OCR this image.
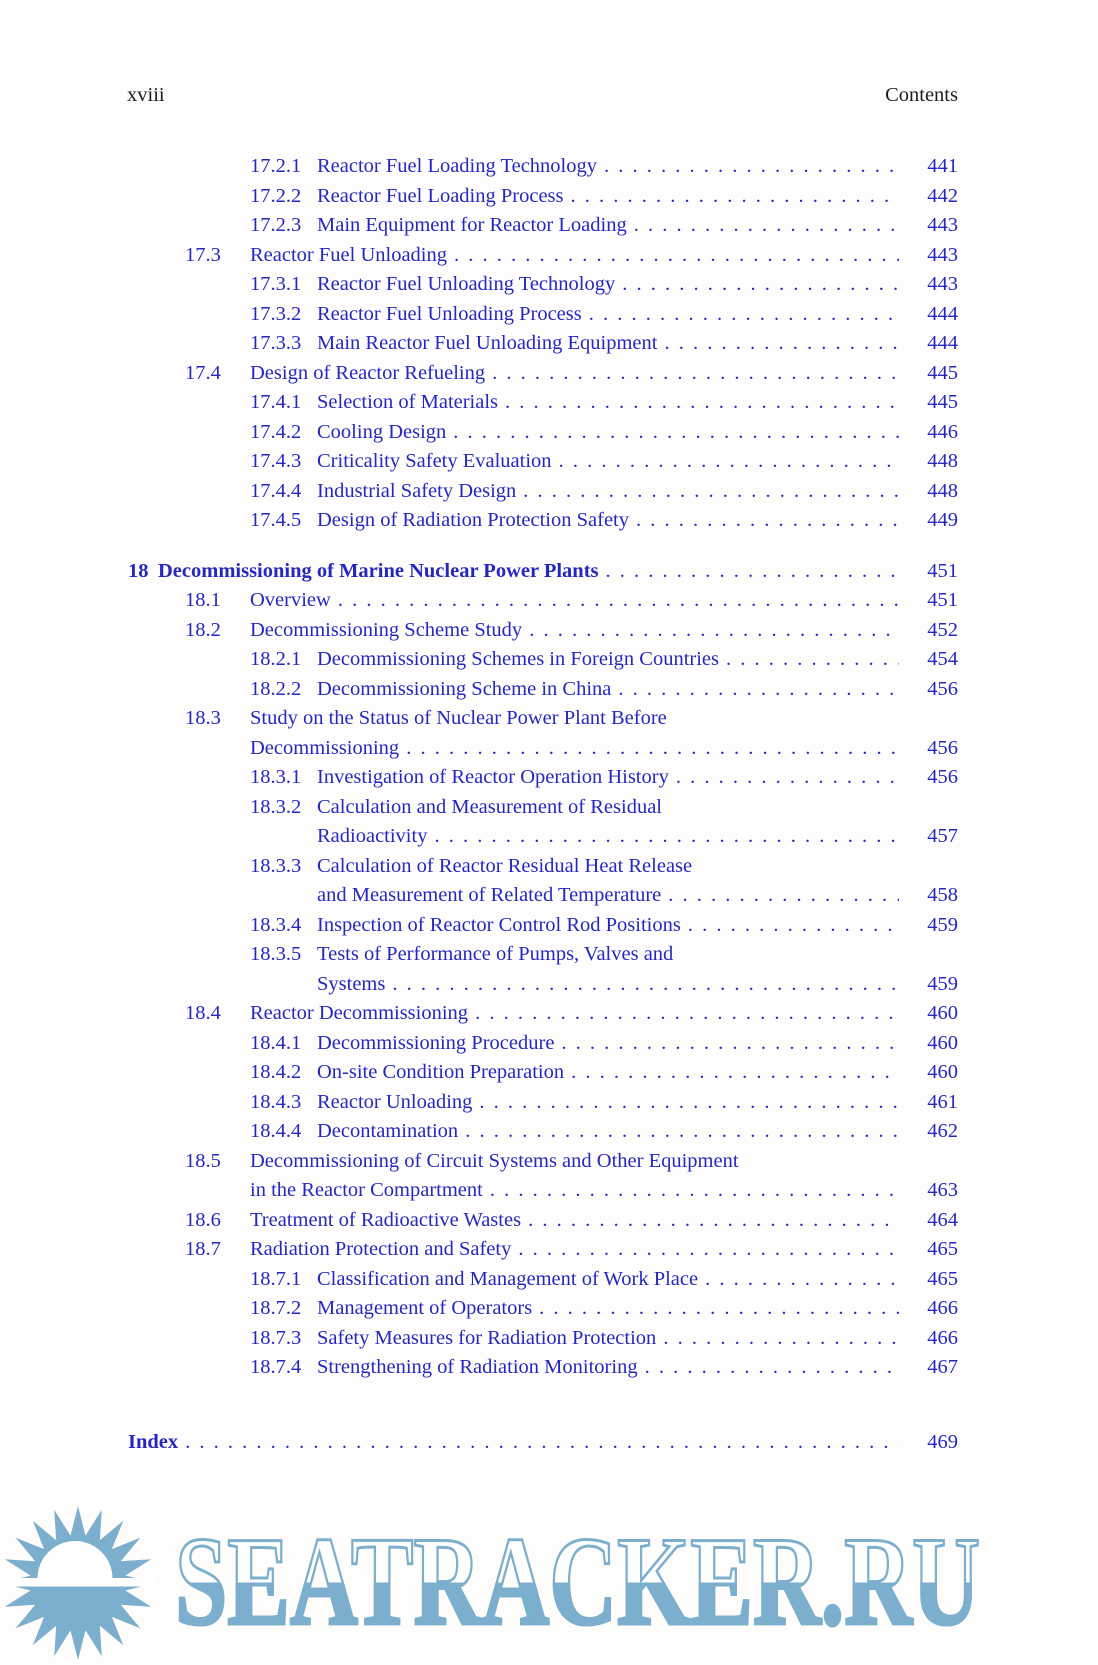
xviii	Contents
17.2.1 Reactor Fuel Loading Technology . . .	441
17.2.2 Reactor Fuel Loading Process . . .	442
17.2.3 Main Equipment for Reactor Loading . . .	443
17.3	Reactor Fuel Unloading . . .	443
17.3.1 Reactor Fuel Unloading Technology . . .	443
17.3.2 Reactor Fuel Unloading Process . . .	444
17.3.3 Main Reactor Fuel Unloading Equipment . . .	444
17.4	Design of Reactor Refueling . . .	445
17.4.1 Selection of Materials . . .	445
17.4.2 Cooling Design . . .	446
17.4.3 Criticality Safety Evaluation . . .	448
17.4.4 Industrial Safety Design . . .	448
17.4.5 Design of Radiation Protection Safety . . .	449
18 Decommissioning of Marine Nuclear Power Plants . . .	451
18.1	Overview . . .	451
18.2	Decommissioning Scheme Study . . .	452
18.2.1 Decommissioning Schemes in Foreign Countries . . .	454
18.2.2 Decommissioning Scheme in China . . .	456
18.3	Study on the Status of Nuclear Power Plant Before
Decommissioning . . .	456
18.3.1 Investigation of Reactor Operation History . . .	456
18.3.2 Calculation and Measurement of Residual
Radioactivity . . .	457
18.3.3 Calculation of Reactor Residual Heat Release
and Measurement of Related Temperature . . .	458
18.3.4 Inspection of Reactor Control Rod Positions . . .	459
18.3.5 Tests of Performance of Pumps, Valves and
Systems . . .	459
18.4	Reactor Decommissioning . . .	460
18.4.1 Decommissioning Procedure . . .	460
18.4.2 On-site Condition Preparation . . .	460
18.4.3 Reactor Unloading . . .	461
18.4.4 Decontamination . . .	462
18.5	Decommissioning of Circuit Systems and Other Equipment
in the Reactor Compartment . . .	463
18.6	Treatment of Radioactive Wastes . . .	464
18.7	Radiation Protection and Safety . . .	465
18.7.1 Classification and Management of Work Place . . .	465
18.7.2 Management of Operators . . .	466
18.7.3 Safety Measures for Radiation Protection . . .	466
18.7.4 Strengthening of Radiation Monitoring . . .	467
Index . . .	469
SEATRACKER.RU
